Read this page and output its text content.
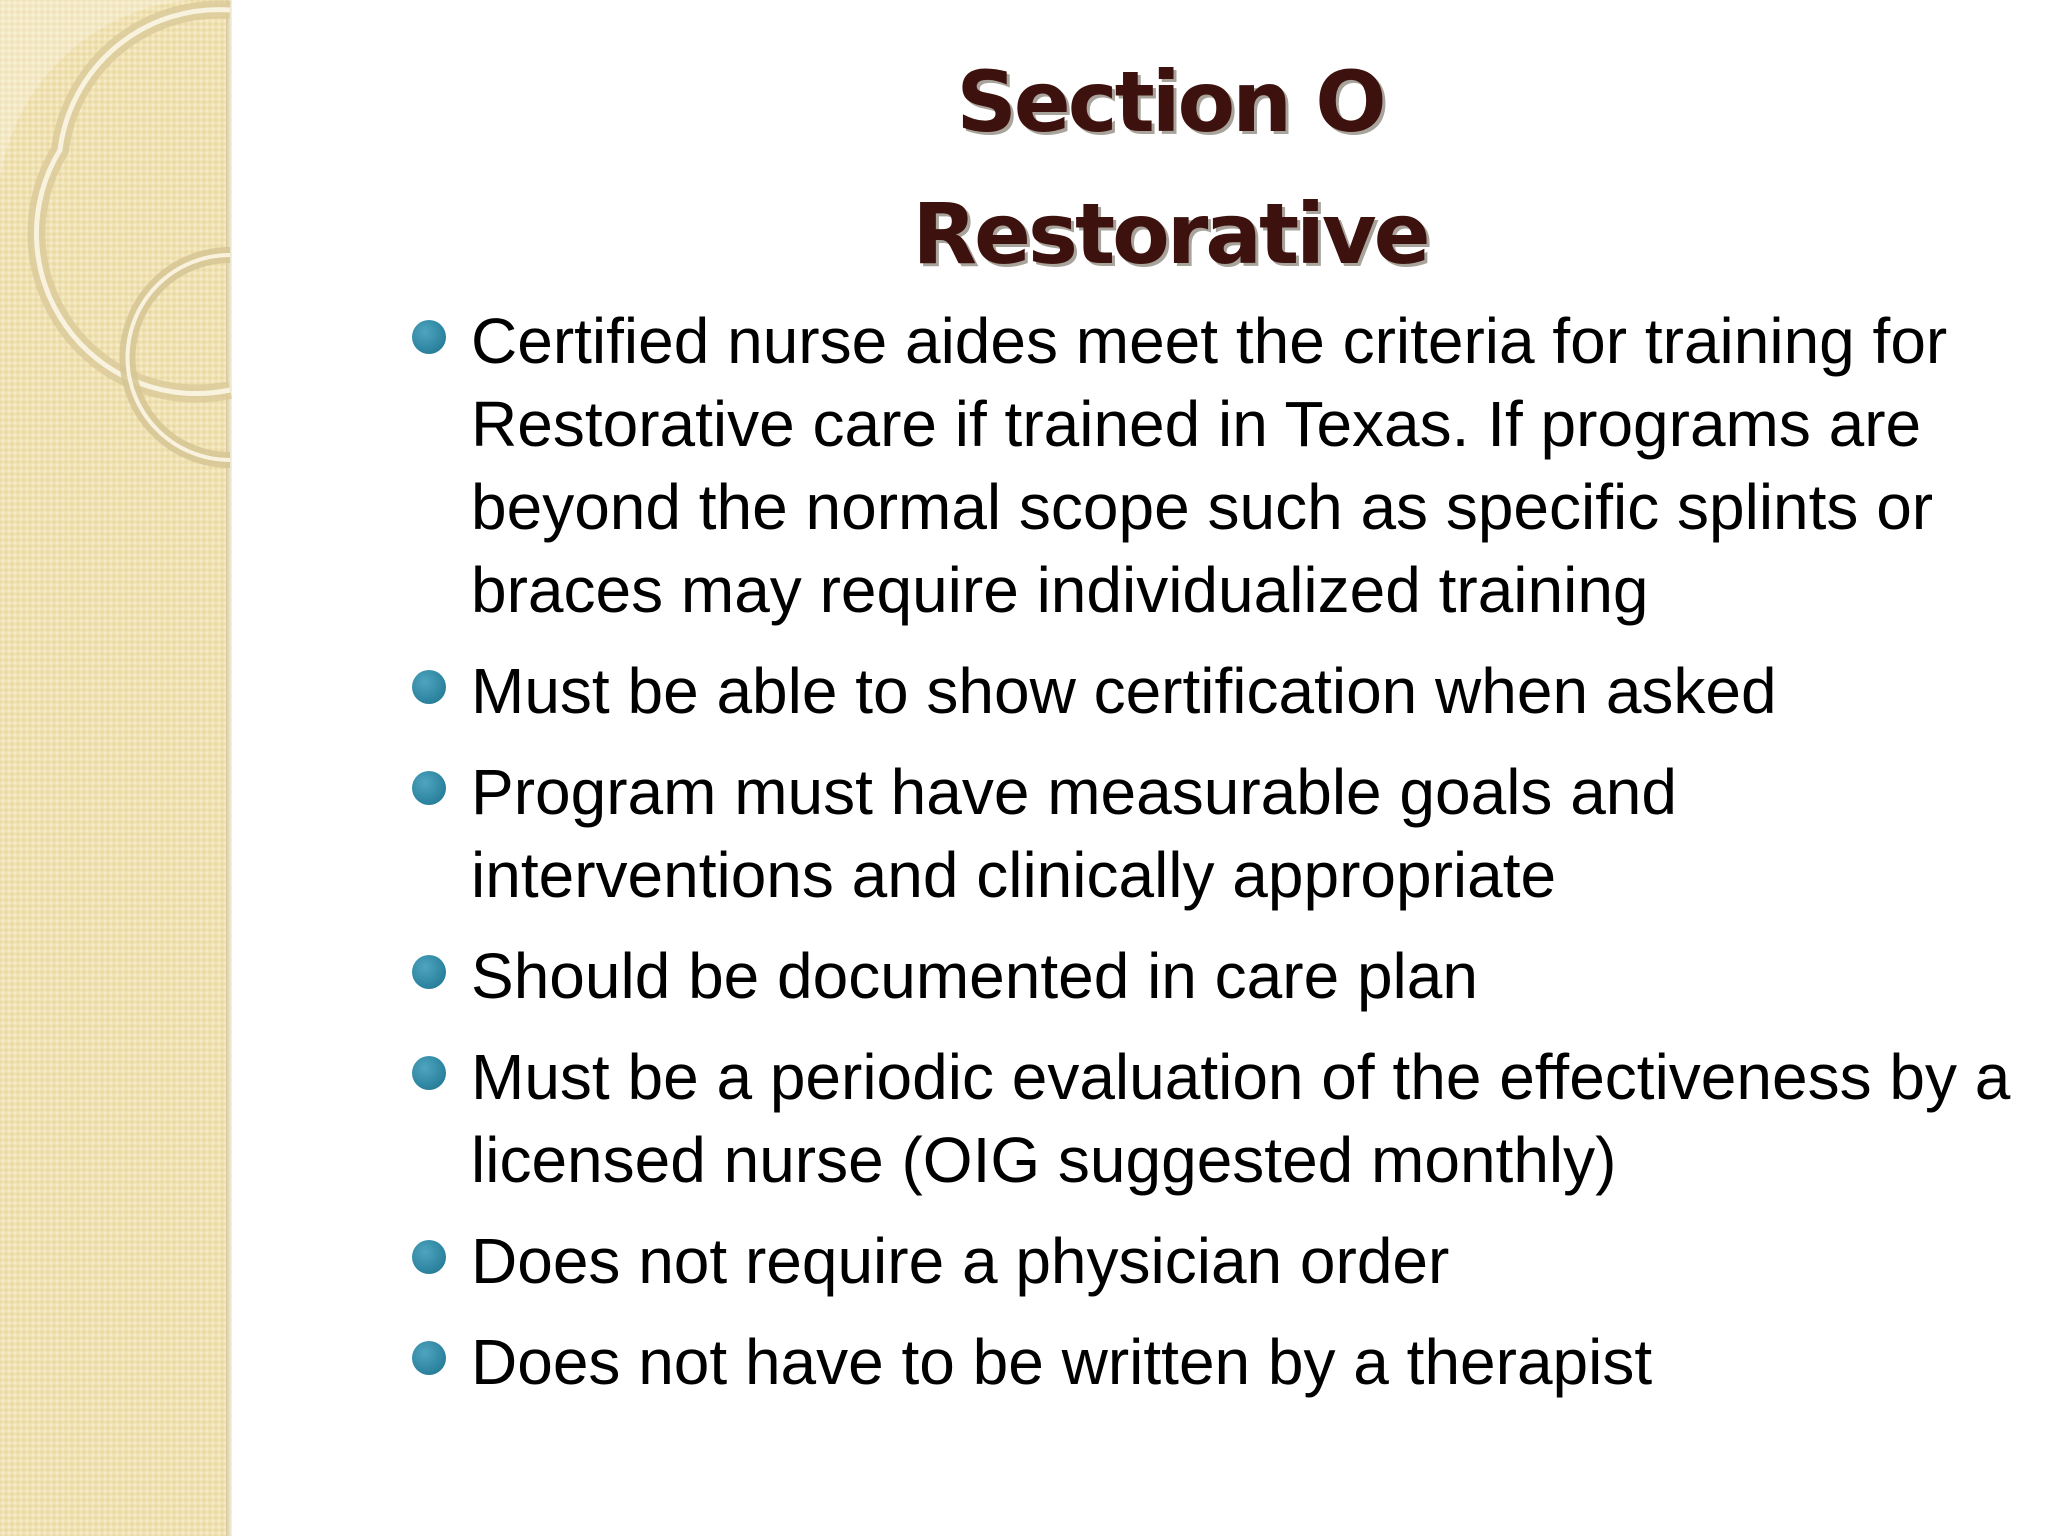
Section O
Restorative
Certified nurse aides meet the criteria for training for Restorative care if trained in Texas. If programs are beyond the normal scope such as specific splints or braces may require individualized training
Must be able to show certification when asked
Program must have measurable goals and interventions and clinically appropriate
Should be documented in care plan
Must be a periodic evaluation of the effectiveness by a licensed nurse (OIG suggested monthly)
Does not require a physician order
Does not have to be written by a therapist
